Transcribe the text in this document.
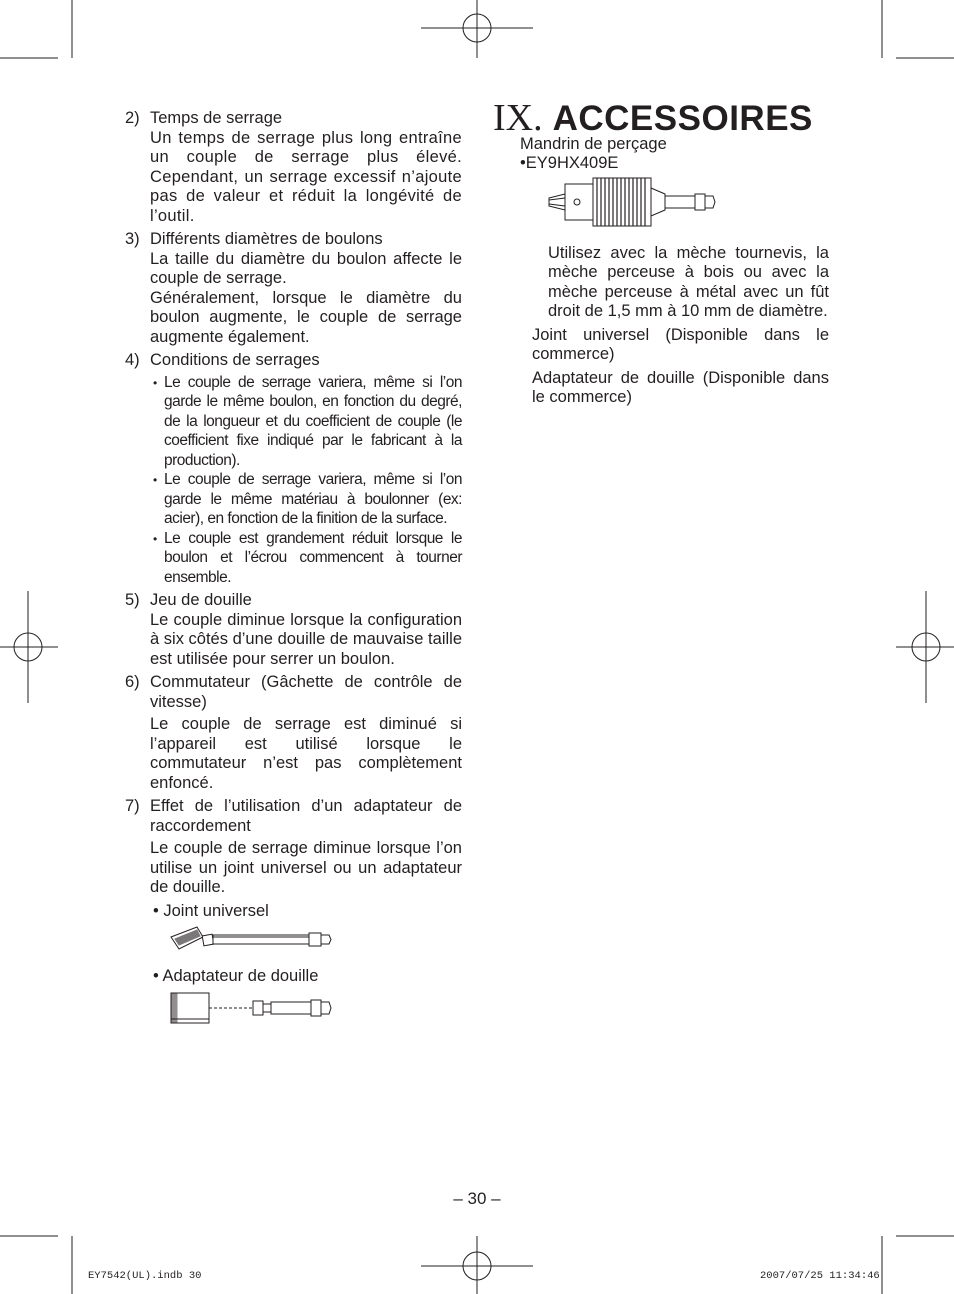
2) Temps de serrage

Un temps de serrage plus long entraîne un couple de serrage plus élevé. Cependant, un serrage excessif n’ajoute pas de valeur et réduit la longévité de l’outil.

3) Différents diamètres de boulons

La taille du diamètre du boulon affecte le couple de serrage.

Généralement, lorsque le diamètre du boulon augmente, le couple de serrage augmente également.

4) Conditions de serrages
• Le couple de serrage variera, même si l’on garde le même boulon, en fonction du degré, de la longueur et du coefficient de couple (le coefficient fixe indiqué par le fabricant à la production).
• Le couple de serrage variera, même si l’on garde le même matériau à boulonner (ex: acier), en fonction de la finition de la surface.
• Le couple est grandement réduit lorsque le boulon et l’écrou commencent à tourner ensemble.
5) Jeu de douille

Le couple diminue lorsque la configuration à six côtés d’une douille de mauvaise taille est utilisée pour serrer un boulon.

6) Commutateur (Gâchette de contrôle de vitesse)

Le couple de serrage est diminué si l’appareil est utilisé lorsque le commutateur n’est pas complètement enfoncé.

7) Effet de l’utilisation d’un adaptateur de raccordement

Le couple de serrage diminue lorsque l’on utilise un joint universel ou un adaptateur de douille.

• Joint universel
• Adaptateur de douille
IX. ACCESSOIRES

Mandrin de perçage

•EY9HX409E

Utilisez avec la mèche tournevis, la mèche perceuse à bois ou avec la mèche perceuse à métal avec un fût droit de 1,5 mm à 10 mm de diamètre.

Joint universel (Disponible dans le commerce)

Adaptateur de douille (Disponible dans le commerce)

– 30 –
EY7542(UL).indb 30	2007/07/25 11:34:46
